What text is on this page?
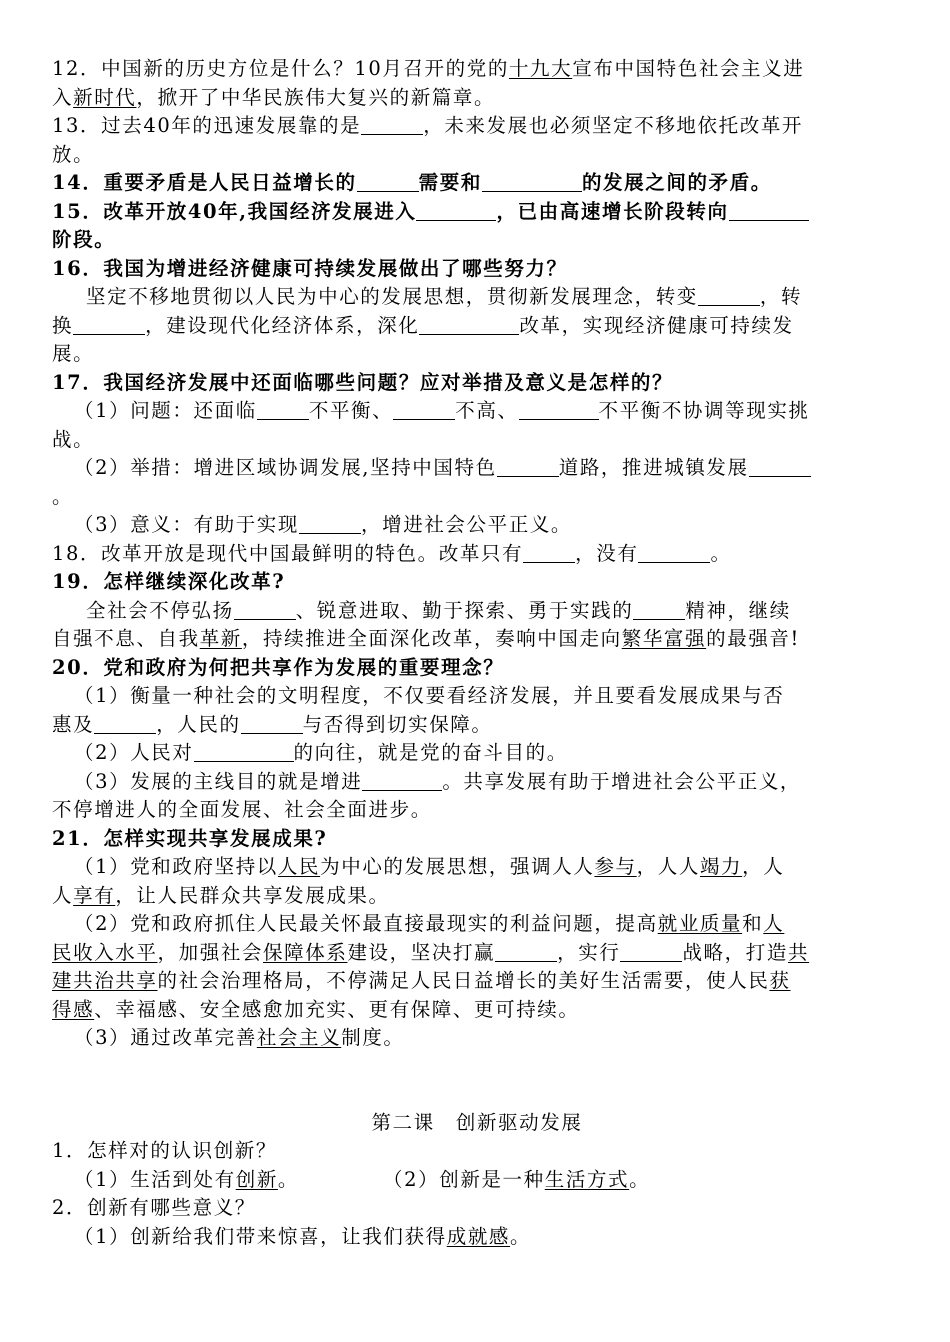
12．中国新的历史方位是什么？10月召开的党的十九大宣布中国特色社会主义进
入新时代，掀开了中华民族伟大复兴的新篇章。
13．过去40年的迅速发展靠的是	，未来发展也必须坚定不移地依托改革开
放。
14．重要矛盾是人民日益增长的	需要和	的发展之间的矛盾。
15．改革开放40年,我国经济发展进入	，已由高速增长阶段转向
阶段。
16．我国为增进经济健康可持续发展做出了哪些努力？
坚定不移地贯彻以人民为中心的发展思想，贯彻新发展理念，转变	，转
换	，建设现代化经济体系，深化	改革，实现经济健康可持续发
展。
17．我国经济发展中还面临哪些问题？应对举措及意义是怎样的？
（1）问题：还面临	不平衡、	不高、	不平衡不协调等现实挑
战。
（2）举措：增进区域协调发展,坚持中国特色	道路，推进城镇发展
。
（3）意义：有助于实现	，增进社会公平正义。
18．改革开放是现代中国最鲜明的特色。改革只有	，没有	。
19．怎样继续深化改革?
全社会不停弘扬	、锐意进取、勤于探索、勇于实践的	精神，继续
自强不息、自我革新，持续推进全面深化改革，奏响中国走向繁华富强的最强音!
20．党和政府为何把共享作为发展的重要理念？
（1）衡量一种社会的文明程度，不仅要看经济发展，并且要看发展成果与否
惠及	，人民的	与否得到切实保障。
（2）人民对	的向往，就是党的奋斗目的。
（3）发展的主线目的就是增进	。共享发展有助于增进社会公平正义，
不停增进人的全面发展、社会全面进步。
21．怎样实现共享发展成果?
（1）党和政府坚持以人民为中心的发展思想，强调人人参与，人人竭力，人
人享有，让人民群众共享发展成果。
（2）党和政府抓住人民最关怀最直接最现实的利益问题，提高就业质量和人
民收入水平，加强社会保障体系建设，坚决打赢	，实行	战略，打造共
建共治共享的社会治理格局，不停满足人民日益增长的美好生活需要，使人民获
得感、幸福感、安全感愈加充实、更有保障、更可持续。
（3）通过改革完善社会主义制度。
第二课　创新驱动发展
1．怎样对的认识创新？
（1）生活到处有创新。	（2）创新是一种生活方式。
2．创新有哪些意义？
（1）创新给我们带来惊喜，让我们获得成就感。
